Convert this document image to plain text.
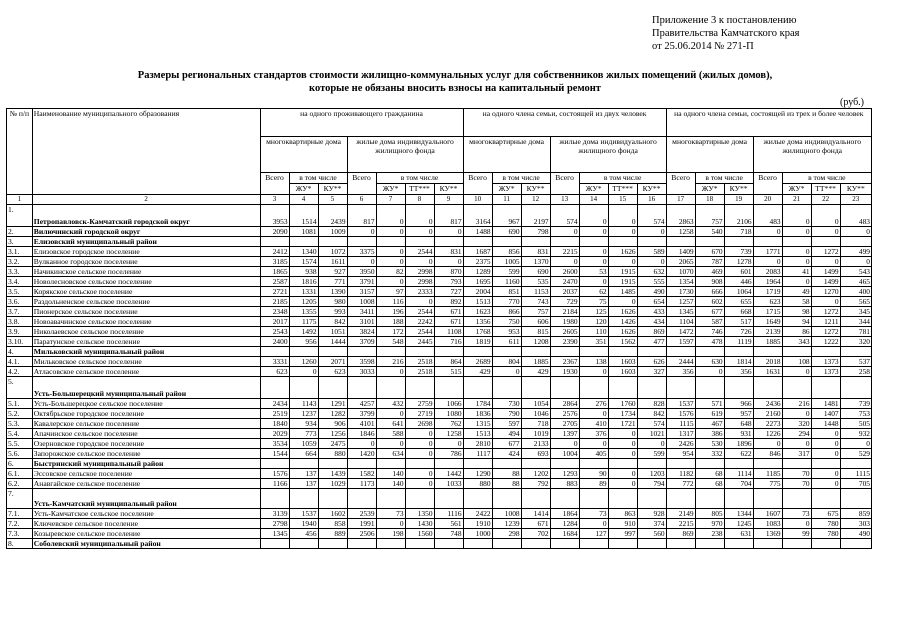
Приложение 3 к постановлению
Правительства Камчатского края
от 25.06.2014 № 271-П
Размеры региональных стандартов стоимости жилищно-коммунальных услуг для собственников жилых помещений (жилых домов),
которые не обязаны вносить взносы на капитальный ремонт
(руб.)
№ п/п	Наименование муниципального образования	на одного проживающего гражданина							на одного члена семьи, состоящей из двух человек							на одного члена семьи, состоящей из трех и более человек						
		многоквартирные дома			жилые дома индивидуального жилищного фонда				многоквартирные дома			жилые дома индивидуального жилищного фонда				многоквартирные дома			жилые дома индивидуального жилищного фонда			
		Всего	в том числе		Всего	в том числе			Всего	в том числе		Всего	в том числе			Всего	в том числе		Всего	в том числе		
			ЖУ*	КУ**		ЖУ*	ТТ***	КУ**		ЖУ*	КУ**		ЖУ*	ТТ***	КУ**		ЖУ*	КУ**		ЖУ*	ТТ***	КУ**
1	2	3	4	5	6	7	8	9	10	11	12	13	14	15	16	17	18	19	20	21	22	23
1.	Петропавловск-Камчатский городской округ	3953	1514	2439	817	0	0	817	3164	967	2197	574	0	0	574	2863	757	2106	483	0	0	483
2.	Вилючинский городской округ	2090	1081	1009	0	0	0	0	1488	690	798	0	0	0	0	1258	540	718	0	0	0	0
3.	Елизовский муниципальный район																					
3.1.	Елизовское городское поселение	2412	1340	1072	3375	0	2544	831	1687	856	831	2215	0	1626	589	1409	670	739	1771	0	1272	499
3.2.	Вулканное городское поселение	3185	1574	1611	0	0	0	0	2375	1005	1370	0	0	0	0	2065	787	1278	0	0	0	0
3.3.	Начикинское сельское поселение	1865	938	927	3950	82	2998	870	1289	599	690	2600	53	1915	632	1070	469	601	2083	41	1499	543
3.4.	Новолесновское сельское поселение	2587	1816	771	3791	0	2998	793	1695	1160	535	2470	0	1915	555	1354	908	446	1964	0	1499	465
3.5.	Корякское сельское поселение	2721	1331	1390	3157	97	2333	727	2004	851	1153	2037	62	1485	490	1730	666	1064	1719	49	1270	400
3.6.	Раздольненское сельское поселение	2185	1205	980	1008	116	0	892	1513	770	743	729	75	0	654	1257	602	655	623	58	0	565
3.7.	Пионерское сельское поселение	2348	1355	993	3411	196	2544	671	1623	866	757	2184	125	1626	433	1345	677	668	1715	98	1272	345
3.8.	Новоавачинское сельское поселение	2017	1175	842	3101	188	2242	671	1356	750	606	1980	120	1426	434	1104	587	517	1649	94	1211	344
3.9.	Николаевское сельское поселение	2543	1492	1051	3824	172	2544	1108	1768	953	815	2605	110	1626	869	1472	746	726	2139	86	1272	781
3.10.	Паратунское сельское поселение	2400	956	1444	3709	548	2445	716	1819	611	1208	2390	351	1562	477	1597	478	1119	1885	343	1222	320
4.	Мильковский муниципальный район																					
4.1.	Мильковское сельское поселение	3331	1260	2071	3598	216	2518	864	2689	804	1885	2367	138	1603	626	2444	630	1814	2018	108	1373	537
4.2.	Атласовское сельское поселение	623	0	623	3033	0	2518	515	429	0	429	1930	0	1603	327	356	0	356	1631	0	1373	258
5.	Усть-Большерецкий муниципальный район																					
5.1.	Усть-Большерецкое сельское поселение	2434	1143	1291	4257	432	2759	1066	1784	730	1054	2864	276	1760	828	1537	571	966	2436	216	1481	739
5.2.	Октябрьское городское поселение	2519	1237	1282	3799	0	2719	1080	1836	790	1046	2576	0	1734	842	1576	619	957	2160	0	1407	753
5.3.	Кавалерское сельское поселение	1840	934	906	4101	641	2698	762	1315	597	718	2705	410	1721	574	1115	467	648	2273	320	1448	505
5.4.	Апачинское сельское поселение	2029	773	1256	1846	588	0	1258	1513	494	1019	1397	376	0	1021	1317	386	931	1226	294	0	932
5.5.	Озерновское городское поселение	3534	1059	2475	0	0	0	0	2810	677	2133	0	0	0	0	2426	530	1896	0	0	0	0
5.6.	Запорожское сельское поселение	1544	664	880	1420	634	0	786	1117	424	693	1004	405	0	599	954	332	622	846	317	0	529
6.	Быстринский муниципальный район																					
6.1.	Эссовское сельское поселение	1576	137	1439	1582	140	0	1442	1290	88	1202	1293	90	0	1203	1182	68	1114	1185	70	0	1115
6.2.	Анавгайское сельское поселение	1166	137	1029	1173	140	0	1033	880	88	792	883	89	0	794	772	68	704	775	70	0	705
7.	Усть-Камчатский муниципальный район																					
7.1.	Усть-Камчатское сельское поселение	3139	1537	1602	2539	73	1350	1116	2422	1008	1414	1864	73	863	928	2149	805	1344	1607	73	675	859
7.2.	Ключевское сельское поселение	2798	1940	858	1991	0	1430	561	1910	1239	671	1284	0	910	374	2215	970	1245	1083	0	780	303
7.3.	Козыревское сельское поселение	1345	456	889	2506	198	1560	748	1000	298	702	1684	127	997	560	869	238	631	1369	99	780	490
8.	Соболевский муниципальный район																					
